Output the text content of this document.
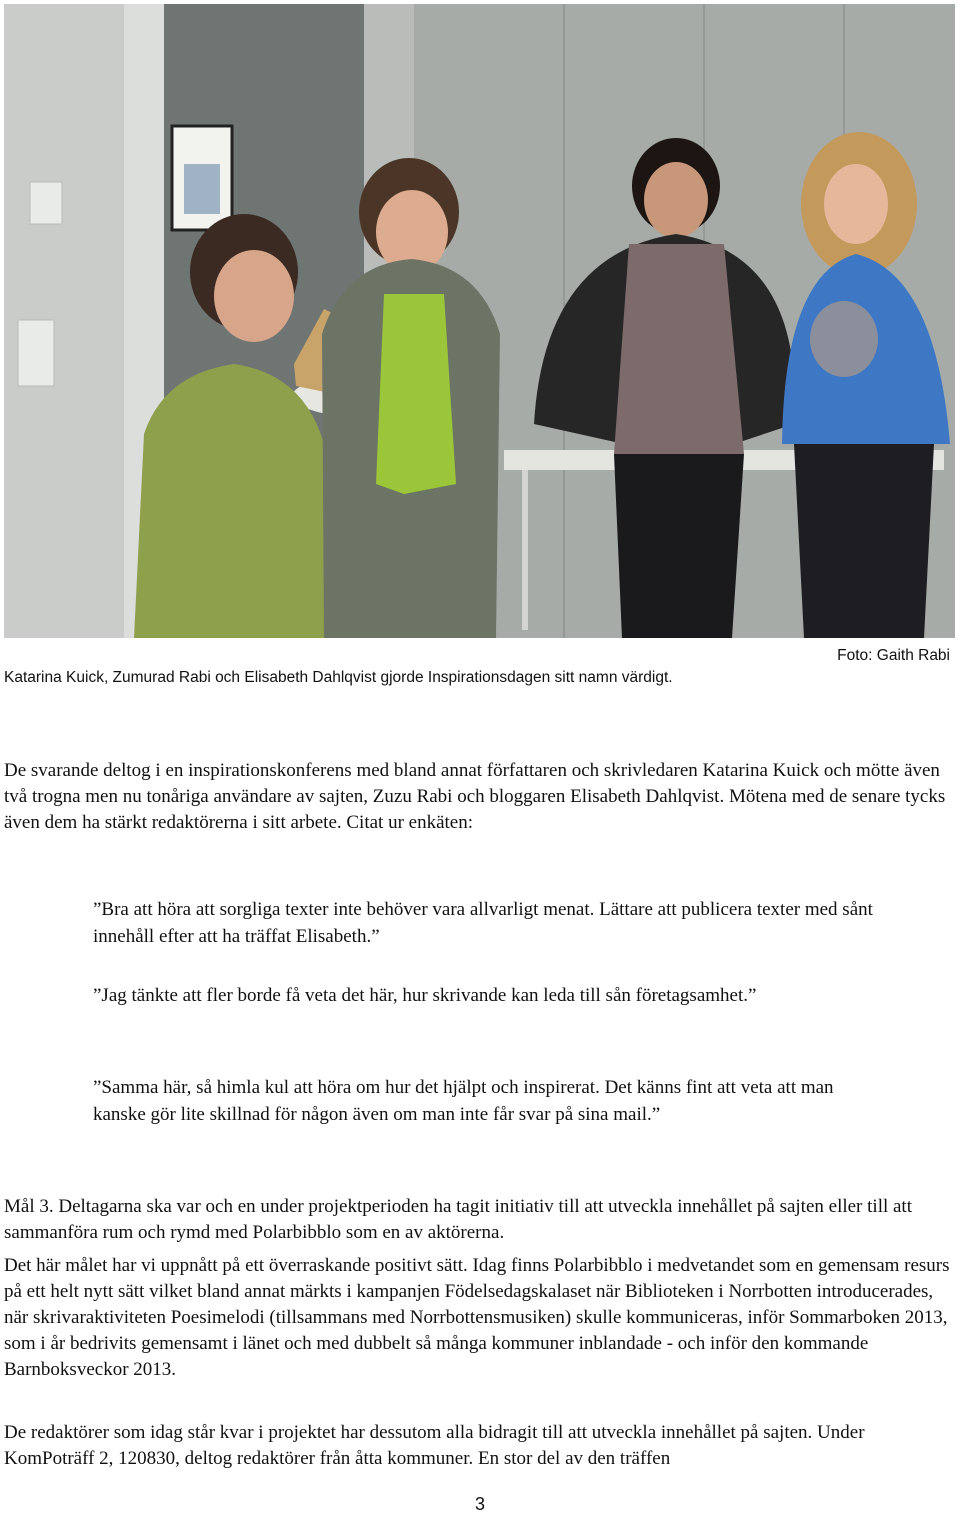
Foto: Gaith Rabi
Katarina Kuick, Zumurad Rabi och Elisabeth Dahlqvist gjorde Inspirationsdagen sitt namn värdigt.

De svarande deltog i en inspirationskonferens med bland annat författaren och skrivledaren Katarina Kuick och mötte även två trogna men nu tonåriga användare av sajten, Zuzu Rabi och bloggaren Elisabeth Dahlqvist. Mötena med de senare tycks även dem ha stärkt redaktörerna i sitt arbete. Citat ur enkäten:

”Bra att höra att sorgliga texter inte behöver vara allvarligt menat. Lättare att publicera texter med sånt innehåll efter att ha träffat Elisabeth.”

”Jag tänkte att fler borde få veta det här, hur skrivande kan leda till sån företagsamhet.”

”Samma här, så himla kul att höra om hur det hjälpt och inspirerat. Det känns fint att veta att man kanske gör lite skillnad för någon även om man inte får svar på sina mail.”

Mål 3. Deltagarna ska var och en under projektperioden ha tagit initiativ till att utveckla innehållet på sajten eller till att sammanföra rum och rymd med Polarbibblo som en av aktörerna.

Det här målet har vi uppnått på ett överraskande positivt sätt. Idag finns Polarbibblo i medvetandet som en gemensam resurs på ett helt nytt sätt vilket bland annat märkts i kampanjen Födelsedagskalaset när Biblioteken i Norrbotten introducerades, när skrivaraktiviteten Poesimelodi (tillsammans med Norrbottensmusiken) skulle kommuniceras, inför Sommarboken 2013, som i år bedrivits gemensamt i länet och med dubbelt så många kommuner inblandade - och inför den kommande Barnboksveckor 2013.

De redaktörer som idag står kvar i projektet har dessutom alla bidragit till att utveckla innehållet på sajten. Under KomPoträff 2, 120830, deltog redaktörer från åtta kommuner. En stor del av den träffen

3
